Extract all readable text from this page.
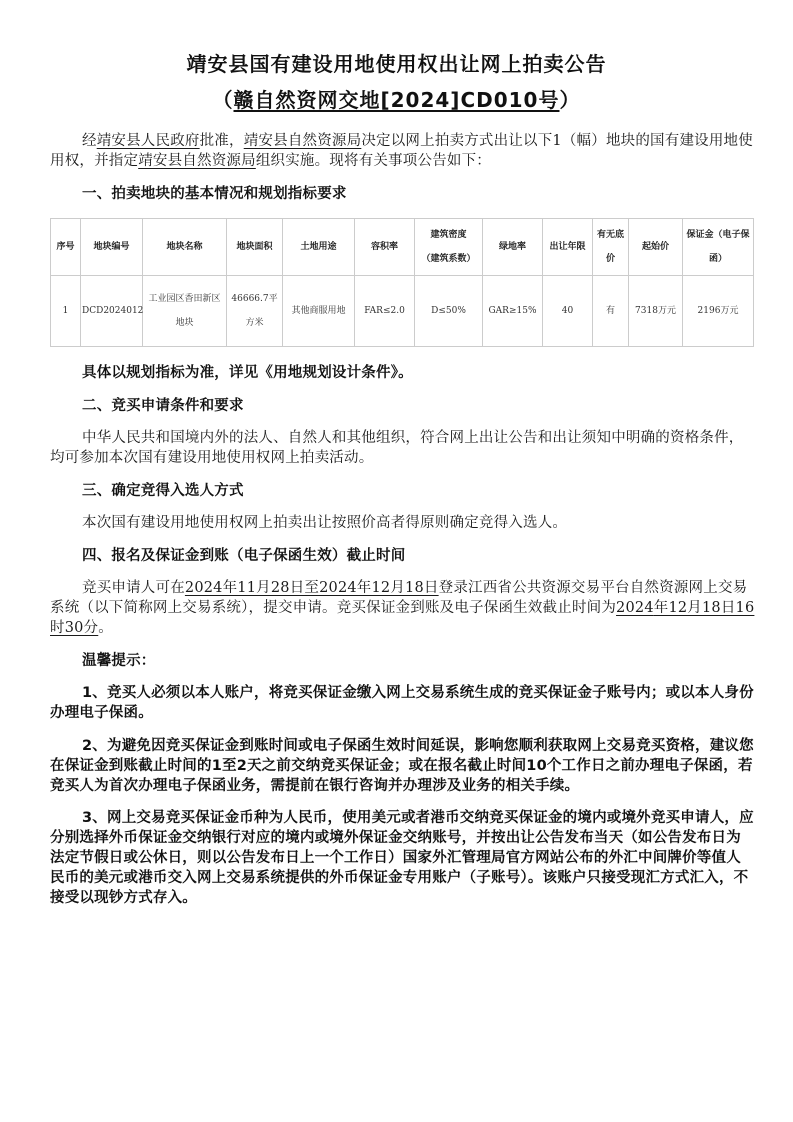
靖安县国有建设用地使用权出让网上拍卖公告
（赣自然资网交地[2024]CD010号）

经靖安县人民政府批准，靖安县自然资源局决定以网上拍卖方式出让以下1（幅）地块的国有建设用地使用权，并指定靖安县自然资源局组织实施。现将有关事项公告如下：

一、拍卖地块的基本情况和规划指标要求

序号	地块编号	地块名称	地块面积	土地用途	容积率	建筑密度
（建筑系数）	绿地率	出让年限	有无底
价	起始价	保证金（电子保
函）
1	DCD2024012	工业园区香田新区
地块	46666.7平
方米	其他商服用地	FAR≤2.0	D≤50%	GAR≥15%	40	有	7318万元	2196万元

具体以规划指标为准，详见《用地规划设计条件》。

二、竞买申请条件和要求

中华人民共和国境内外的法人、自然人和其他组织，符合网上出让公告和出让须知中明确的资格条件，均可参加本次国有建设用地使用权网上拍卖活动。

三、确定竞得入选人方式

本次国有建设用地使用权网上拍卖出让按照价高者得原则确定竞得入选人。

四、报名及保证金到账（电子保函生效）截止时间

竞买申请人可在2024年11月28日至2024年12月18日登录江西省公共资源交易平台自然资源网上交易系统（以下简称网上交易系统），提交申请。竞买保证金到账及电子保函生效截止时间为2024年12月18日16时30分。

温馨提示：

1、竞买人必须以本人账户，将竞买保证金缴入网上交易系统生成的竞买保证金子账号内；或以本人身份办理电子保函。

2、为避免因竞买保证金到账时间或电子保函生效时间延误，影响您顺利获取网上交易竞买资格，建议您在保证金到账截止时间的1至2天之前交纳竞买保证金；或在报名截止时间10个工作日之前办理电子保函，若竞买人为首次办理电子保函业务，需提前在银行咨询并办理涉及业务的相关手续。

3、网上交易竞买保证金币种为人民币，使用美元或者港币交纳竞买保证金的境内或境外竞买申请人，应分别选择外币保证金交纳银行对应的境内或境外保证金交纳账号，并按出让公告发布当天（如公告发布日为法定节假日或公休日，则以公告发布日上一个工作日）国家外汇管理局官方网站公布的外汇中间牌价等值人民币的美元或港币交入网上交易系统提供的外币保证金专用账户（子账号）。该账户只接受现汇方式汇入，不接受以现钞方式存入。
